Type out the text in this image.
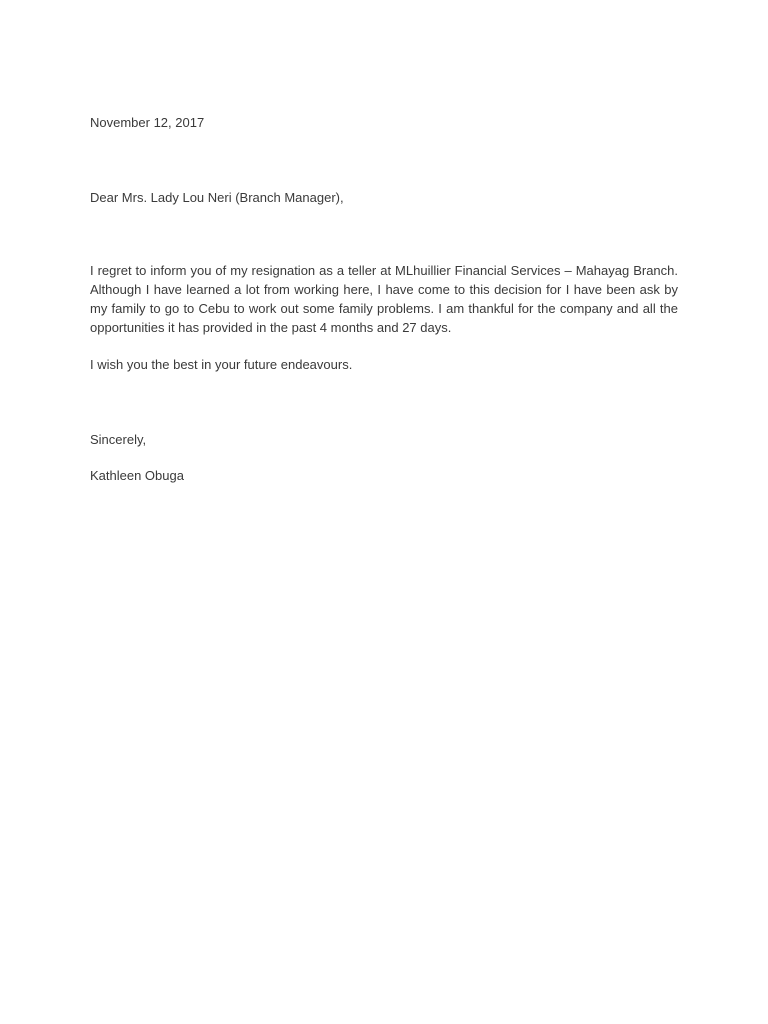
November 12, 2017
Dear Mrs. Lady Lou Neri (Branch Manager),
I regret to inform you of my resignation as a teller at MLhuillier Financial Services – Mahayag Branch. Although I have learned a lot from working here, I have come to this decision for I have been ask by my family to go to Cebu to work out some family problems. I am thankful for the company and all the opportunities it has provided in the past 4 months and 27 days.
I wish you the best in your future endeavours.
Sincerely,
Kathleen Obuga
